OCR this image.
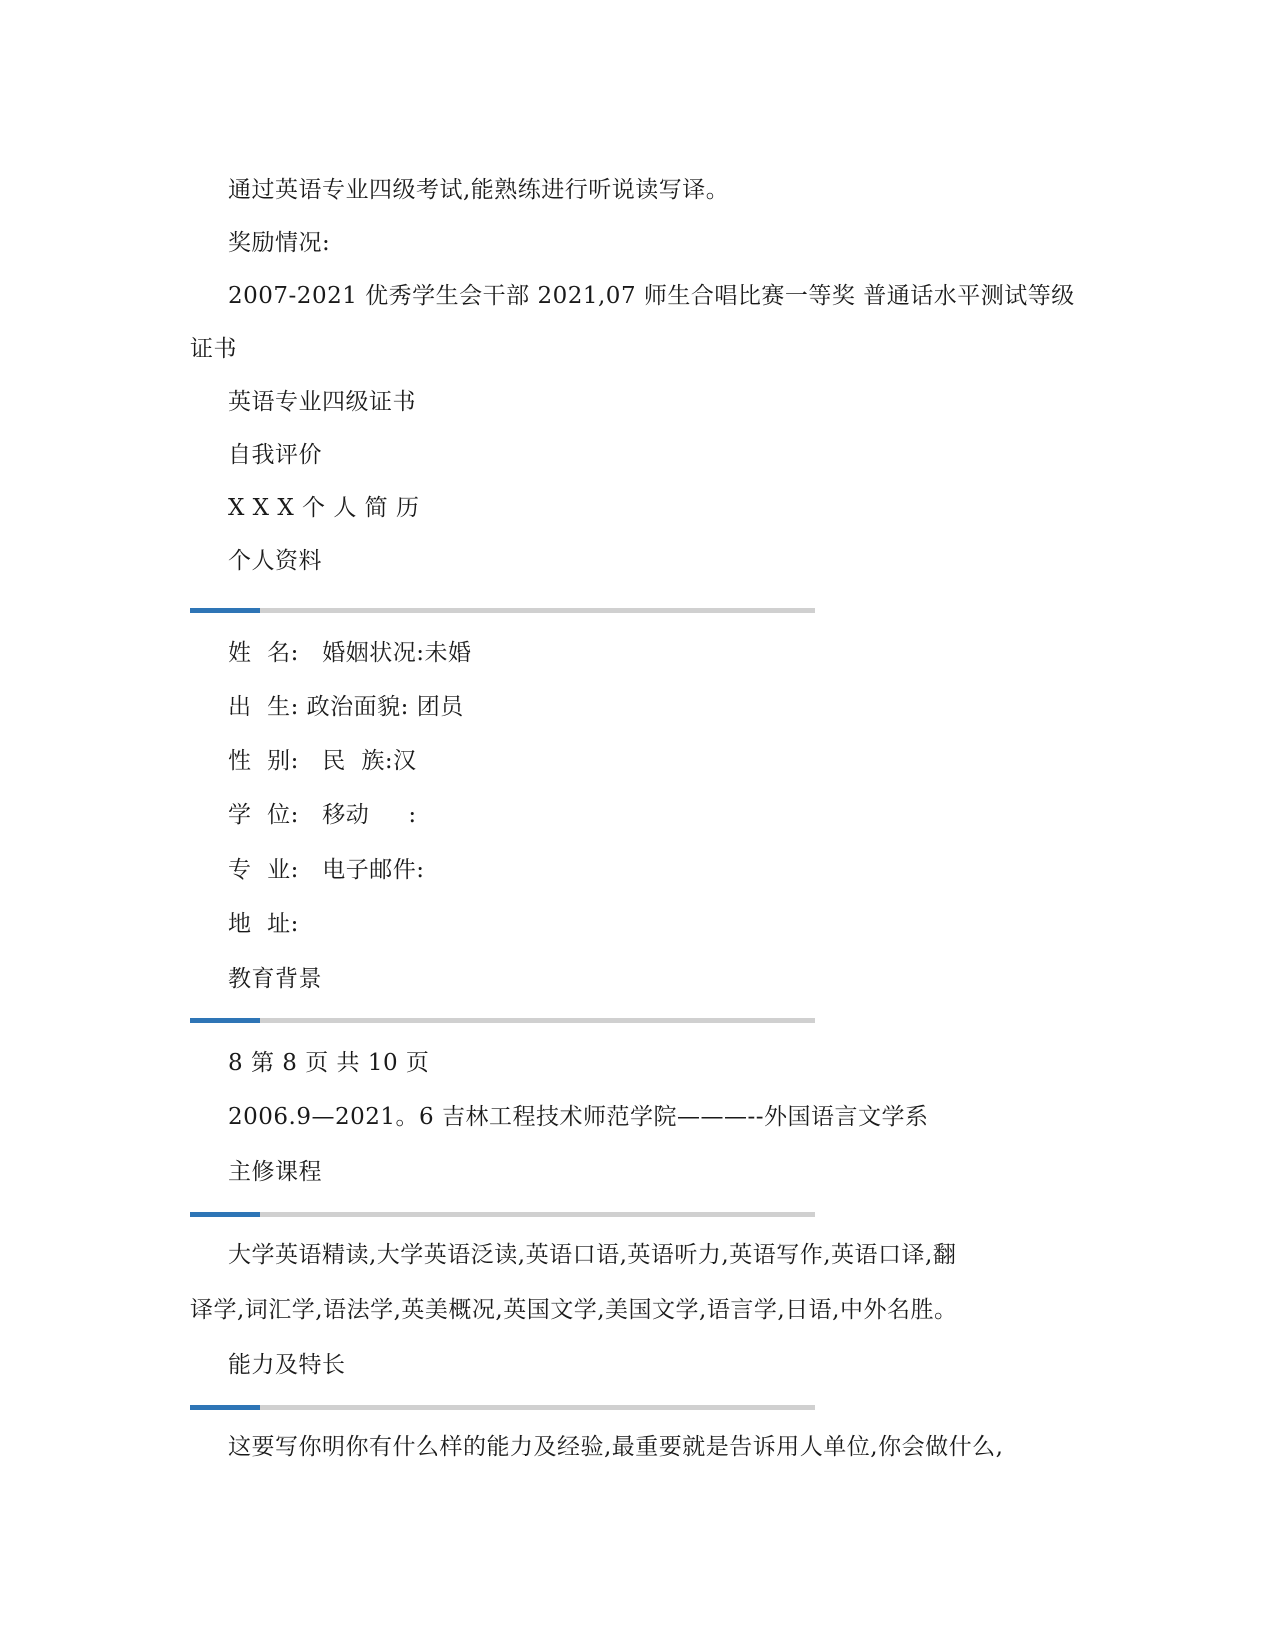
通过英语专业四级考试,能熟练进行听说读写译。
奖励情况:
2007-2021 优秀学生会干部 2021,07 师生合唱比赛一等奖 普通话水平测试等级
证书
英语专业四级证书
自我评价
X X X 个 人 简 历
个人资料
姓  名:   婚姻状况:未婚
出  生: 政治面貌: 团员
性  别:   民  族:汉
学  位:   移动     :
专  业:   电子邮件:
地  址:
教育背景
8 第 8 页 共 10 页
2006.9—2021。6 吉林工程技术师范学院———--外国语言文学系
主修课程
大学英语精读,大学英语泛读,英语口语,英语听力,英语写作,英语口译,翻
译学,词汇学,语法学,英美概况,英国文学,美国文学,语言学,日语,中外名胜。
能力及特长
这要写你明你有什么样的能力及经验,最重要就是告诉用人单位,你会做什么,
